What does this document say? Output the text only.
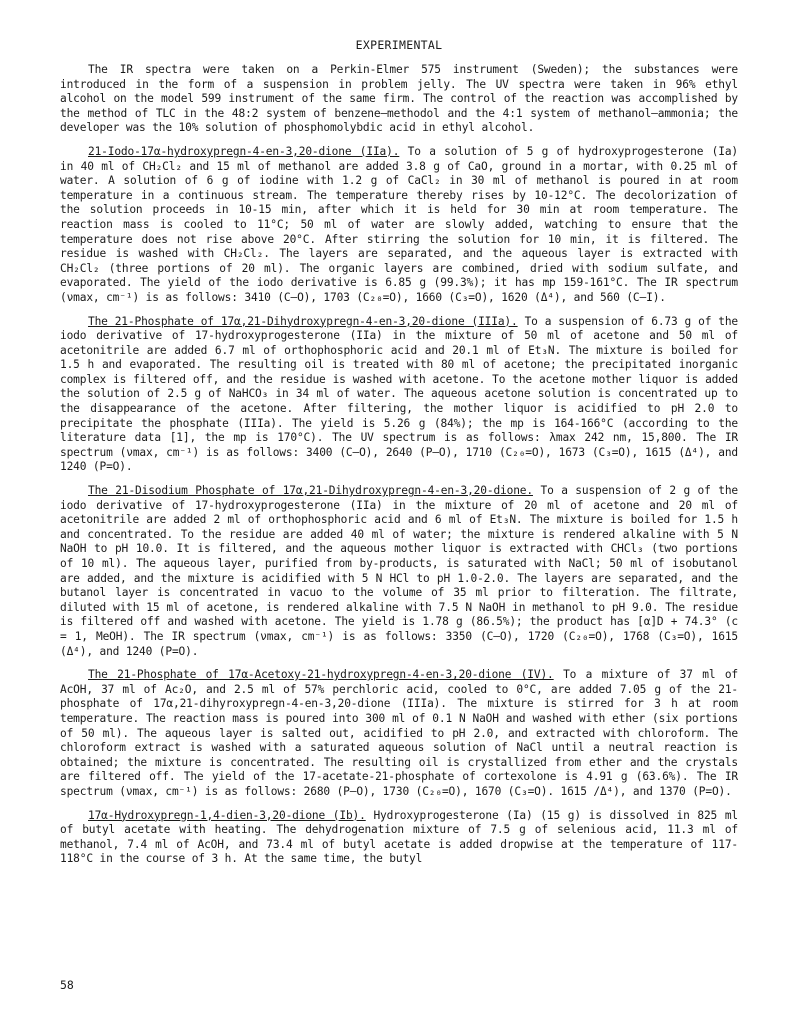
EXPERIMENTAL

The IR spectra were taken on a Perkin-Elmer 575 instrument (Sweden); the substances were introduced in the form of a suspension in problem jelly. The UV spectra were taken in 96% ethyl alcohol on the model 599 instrument of the same firm. The control of the reaction was accomplished by the method of TLC in the 48:2 system of benzene–methodol and the 4:1 system of methanol–ammonia; the developer was the 10% solution of phosphomolybdic acid in ethyl alcohol.

21-Iodo-17α-hydroxypregn-4-en-3,20-dione (IIa). To a solution of 5 g of hydroxyprogesterone (Ia) in 40 ml of CH₂Cl₂ and 15 ml of methanol are added 3.8 g of CaO, ground in a mortar, with 0.25 ml of water. A solution of 6 g of iodine with 1.2 g of CaCl₂ in 30 ml of methanol is poured in at room temperature in a continuous stream. The temperature thereby rises by 10-12°C. The decolorization of the solution proceeds in 10-15 min, after which it is held for 30 min at room temperature. The reaction mass is cooled to 11°C; 50 ml of water are slowly added, watching to ensure that the temperature does not rise above 20°C. After stirring the solution for 10 min, it is filtered. The residue is washed with CH₂Cl₂. The layers are separated, and the aqueous layer is extracted with CH₂Cl₂ (three portions of 20 ml). The organic layers are combined, dried with sodium sulfate, and evaporated. The yield of the iodo derivative is 6.85 g (99.3%); it has mp 159-161°C. The IR spectrum (νmax, cm⁻¹) is as follows: 3410 (C–O), 1703 (C₂₀=O), 1660 (C₃=O), 1620 (Δ⁴), and 560 (C–I).

The 21-Phosphate of 17α,21-Dihydroxypregn-4-en-3,20-dione (IIIa). To a suspension of 6.73 g of the iodo derivative of 17-hydroxyprogesterone (IIa) in the mixture of 50 ml of acetone and 50 ml of acetonitrile are added 6.7 ml of orthophosphoric acid and 20.1 ml of Et₃N. The mixture is boiled for 1.5 h and evaporated. The resulting oil is treated with 80 ml of acetone; the precipitated inorganic complex is filtered off, and the residue is washed with acetone. To the acetone mother liquor is added the solution of 2.5 g of NaHCO₃ in 34 ml of water. The aqueous acetone solution is concentrated up to the disappearance of the acetone. After filtering, the mother liquor is acidified to pH 2.0 to precipitate the phosphate (IIIa). The yield is 5.26 g (84%); the mp is 164-166°C (according to the literature data [1], the mp is 170°C). The UV spectrum is as follows: λmax 242 nm, 15,800. The IR spectrum (νmax, cm⁻¹) is as follows: 3400 (C–O), 2640 (P–O), 1710 (C₂₀=O), 1673 (C₃=O), 1615 (Δ⁴), and 1240 (P=O).

The 21-Disodium Phosphate of 17α,21-Dihydroxypregn-4-en-3,20-dione. To a suspension of 2 g of the iodo derivative of 17-hydroxyprogesterone (IIa) in the mixture of 20 ml of acetone and 20 ml of acetonitrile are added 2 ml of orthophosphoric acid and 6 ml of Et₃N. The mixture is boiled for 1.5 h and concentrated. To the residue are added 40 ml of water; the mixture is rendered alkaline with 5 N NaOH to pH 10.0. It is filtered, and the aqueous mother liquor is extracted with CHCl₃ (two portions of 10 ml). The aqueous layer, purified from by-products, is saturated with NaCl; 50 ml of isobutanol are added, and the mixture is acidified with 5 N HCl to pH 1.0-2.0. The layers are separated, and the butanol layer is concentrated in vacuo to the volume of 35 ml prior to filteration. The filtrate, diluted with 15 ml of acetone, is rendered alkaline with 7.5 N NaOH in methanol to pH 9.0. The residue is filtered off and washed with acetone. The yield is 1.78 g (86.5%); the product has [α]D + 74.3° (c = 1, MeOH). The IR spectrum (νmax, cm⁻¹) is as follows: 3350 (C–O), 1720 (C₂₀=O), 1768 (C₃=O), 1615 (Δ⁴), and 1240 (P=O).

The 21-Phosphate of 17α-Acetoxy-21-hydroxypregn-4-en-3,20-dione (IV). To a mixture of 37 ml of AcOH, 37 ml of Ac₂O, and 2.5 ml of 57% perchloric acid, cooled to 0°C, are added 7.05 g of the 21-phosphate of 17α,21-dihyroxypregn-4-en-3,20-dione (IIIa). The mixture is stirred for 3 h at room temperature. The reaction mass is poured into 300 ml of 0.1 N NaOH and washed with ether (six portions of 50 ml). The aqueous layer is salted out, acidified to pH 2.0, and extracted with chloroform. The chloroform extract is washed with a saturated aqueous solution of NaCl until a neutral reaction is obtained; the mixture is concentrated. The resulting oil is crystallized from ether and the crystals are filtered off. The yield of the 17-acetate-21-phosphate of cortexolone is 4.91 g (63.6%). The IR spectrum (νmax, cm⁻¹) is as follows: 2680 (P–O), 1730 (C₂₀=O), 1670 (C₃=O). 1615 /Δ⁴), and 1370 (P=O).

17α-Hydroxypregn-1,4-dien-3,20-dione (Ib). Hydroxyprogesterone (Ia) (15 g) is dissolved in 825 ml of butyl acetate with heating. The dehydrogenation mixture of 7.5 g of selenious acid, 11.3 ml of methanol, 7.4 ml of AcOH, and 73.4 ml of butyl acetate is added dropwise at the temperature of 117-118°C in the course of 3 h. At the same time, the butyl

58
